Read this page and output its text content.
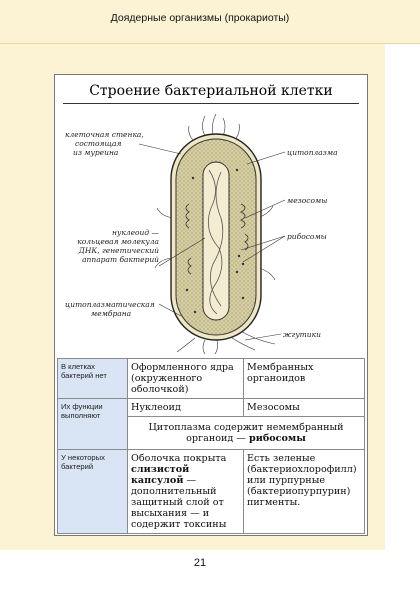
Доядерные организмы (прокариоты)
Строение бактериальной клетки
клеточная стенка,
состоящая
из муреина	цитоплазма
мезосомы
нуклеоид —
кольцевая молекула
ДНК, генетический
аппарат бактерий
рибосомы
цитоплазматическая
мембрана
жгутики
В клетках
бактерий нет	Оформленного ядра (окруженного оболочкой)	Мембранных органоидов

Их функции
выполняют	Нуклеоид	Мезосомы
	Цитоплазма содержит немембранный органоид — рибосомы	

У некоторых
бактерий	Оболочка покрыта слизистой капсулой — дополнительный защитный слой от высыхания — и содержит токсины	Есть зеленые (бактериохлорофилл) или пурпурные (бактериопурпурин) пигменты.
21
